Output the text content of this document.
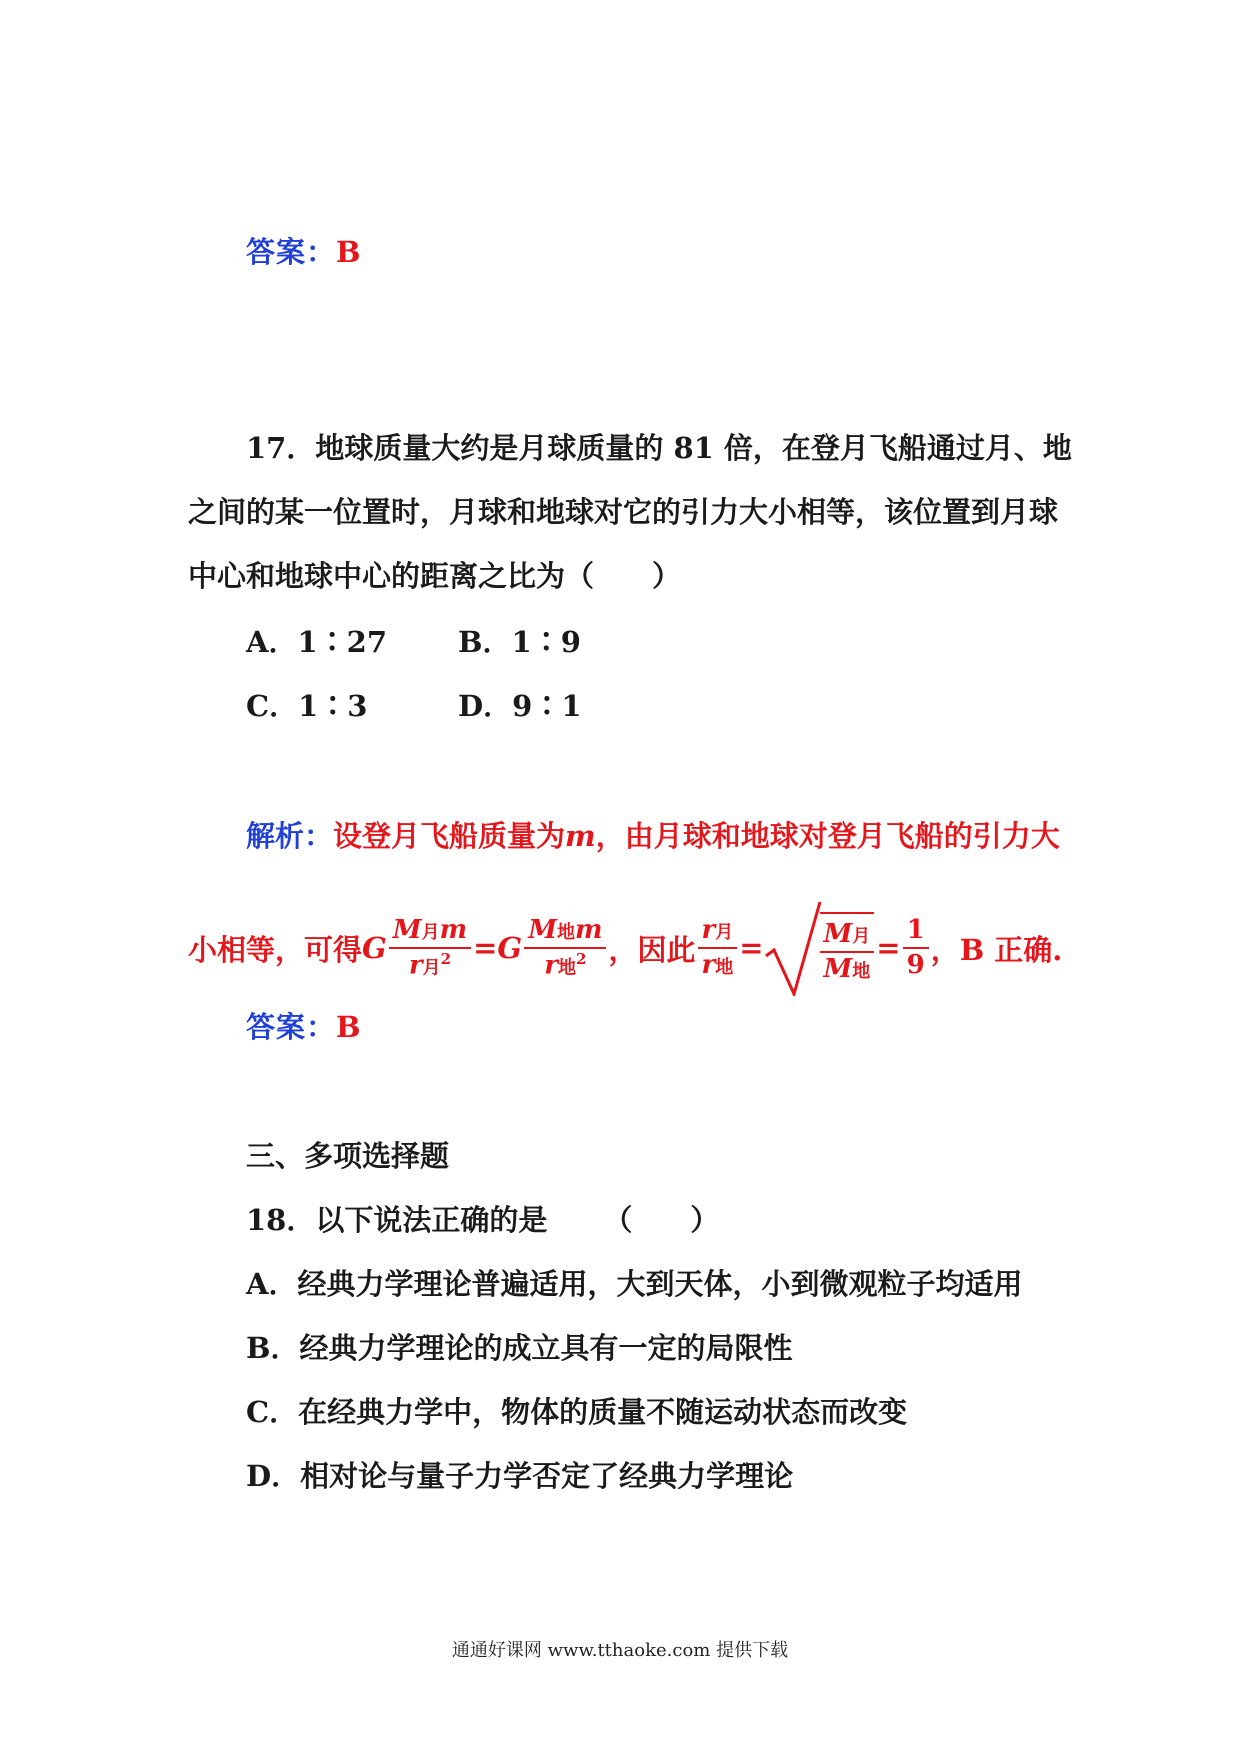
答案：B
17．地球质量大约是月球质量的 81 倍，在登月飞船通过月、地
之间的某一位置时，月球和地球对它的引力大小相等，该位置到月球
中心和地球中心的距离之比为（　　）
A．1∶27	B．1∶9
C．1∶3	D．9∶1
解析：设登月飞船质量为m，由月球和地球对登月飞船的引力大
小相等，可得 G $\frac{\text{M月m}}{r月^2} = G \frac{\text{M地m}}{r地^2}$ ，因此 $\frac{\text{r月}}{\text{r地}} = \frac{\text{M月}}{\text{M地}} = \frac{1}{9}$ ，B 正确.
答案：B
三、多项选择题
18．以下说法正确的是 （　　）
A．经典力学理论普遍适用，大到天体，小到微观粒子均适用
B．经典力学理论的成立具有一定的局限性
C．在经典力学中，物体的质量不随运动状态而改变
D．相对论与量子力学否定了经典力学理论
通通好课网 www.tthaoke.com 提供下载
